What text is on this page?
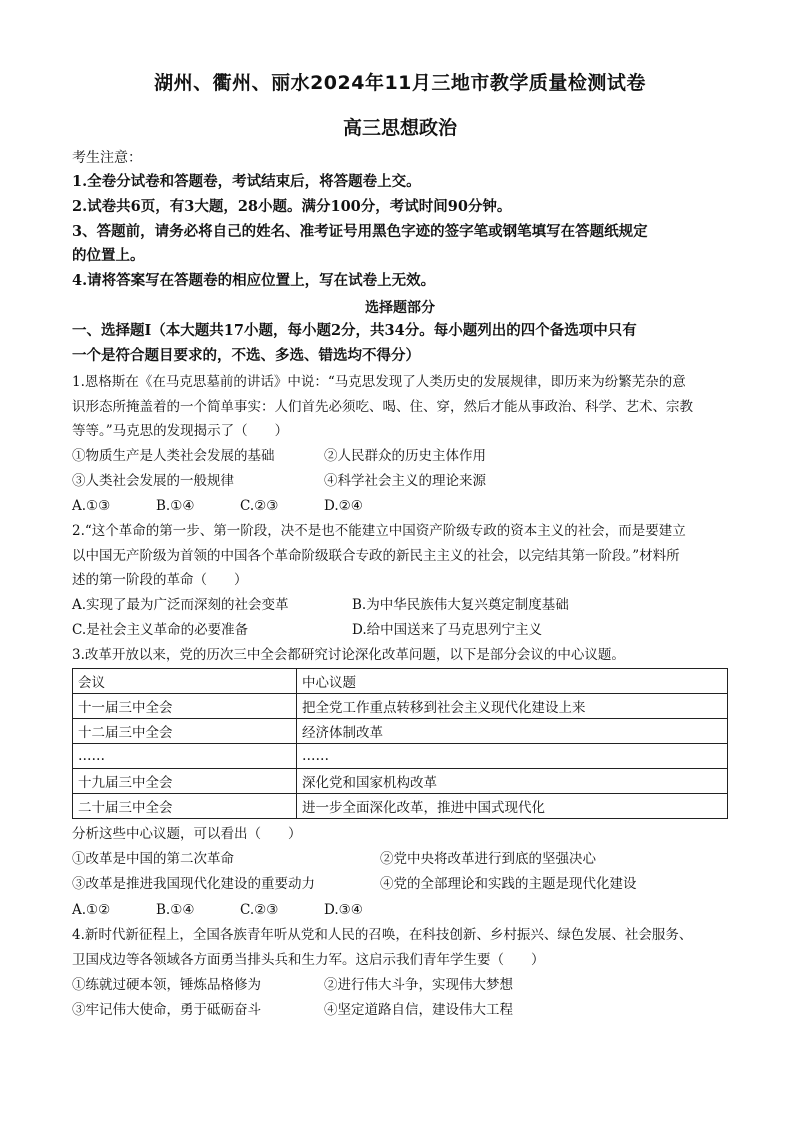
湖州、衢州、丽水2024年11月三地市教学质量检测试卷
高三思想政治
考生注意：
1.全卷分试卷和答题卷，考试结束后，将答题卷上交。
2.试卷共6页，有3大题，28小题。满分100分，考试时间90分钟。
3、答题前，请务必将自己的姓名、准考证号用黑色字迹的签字笔或钢笔填写在答题纸规定
的位置上。
4.请将答案写在答题卷的相应位置上，写在试卷上无效。
选择题部分
一、选择题Ⅰ（本大题共17小题，每小题2分，共34分。每小题列出的四个备选项中只有
一个是符合题目要求的，不选、多选、错选均不得分）
1.恩格斯在《在马克思墓前的讲话》中说：“马克思发现了人类历史的发展规律，即历来为纷繁芜杂的意
识形态所掩盖着的一个简单事实：人们首先必须吃、喝、住、穿，然后才能从事政治、科学、艺术、宗教
等等。”马克思的发现揭示了（　　）
①物质生产是人类社会发展的基础	②人民群众的历史主体作用
③人类社会发展的一般规律	④科学社会主义的理论来源
A.①③	B.①④	C.②③	D.②④
2.“这个革命的第一步、第一阶段，决不是也不能建立中国资产阶级专政的资本主义的社会，而是要建立
以中国无产阶级为首领的中国各个革命阶级联合专政的新民主主义的社会，以完结其第一阶段。”材料所
述的第一阶段的革命（　　）
A.实现了最为广泛而深刻的社会变革	B.为中华民族伟大复兴奠定制度基础
C.是社会主义革命的必要准备	D.给中国送来了马克思列宁主义
3.改革开放以来，党的历次三中全会都研究讨论深化改革问题，以下是部分会议的中心议题。
会议	中心议题
十一届三中全会	把全党工作重点转移到社会主义现代化建设上来
十二届三中全会	经济体制改革
……	……
十九届三中全会	深化党和国家机构改革
二十届三中全会	进一步全面深化改革，推进中国式现代化
分析这些中心议题，可以看出（　　）
①改革是中国的第二次革命	②党中央将改革进行到底的坚强决心
③改革是推进我国现代化建设的重要动力	④党的全部理论和实践的主题是现代化建设
A.①②	B.①④	C.②③	D.③④
4.新时代新征程上，全国各族青年听从党和人民的召唤，在科技创新、乡村振兴、绿色发展、社会服务、
卫国戍边等各领域各方面勇当排头兵和生力军。这启示我们青年学生要（　　）
①练就过硬本领，锤炼品格修为	②进行伟大斗争，实现伟大梦想
③牢记伟大使命，勇于砥砺奋斗	④坚定道路自信，建设伟大工程
